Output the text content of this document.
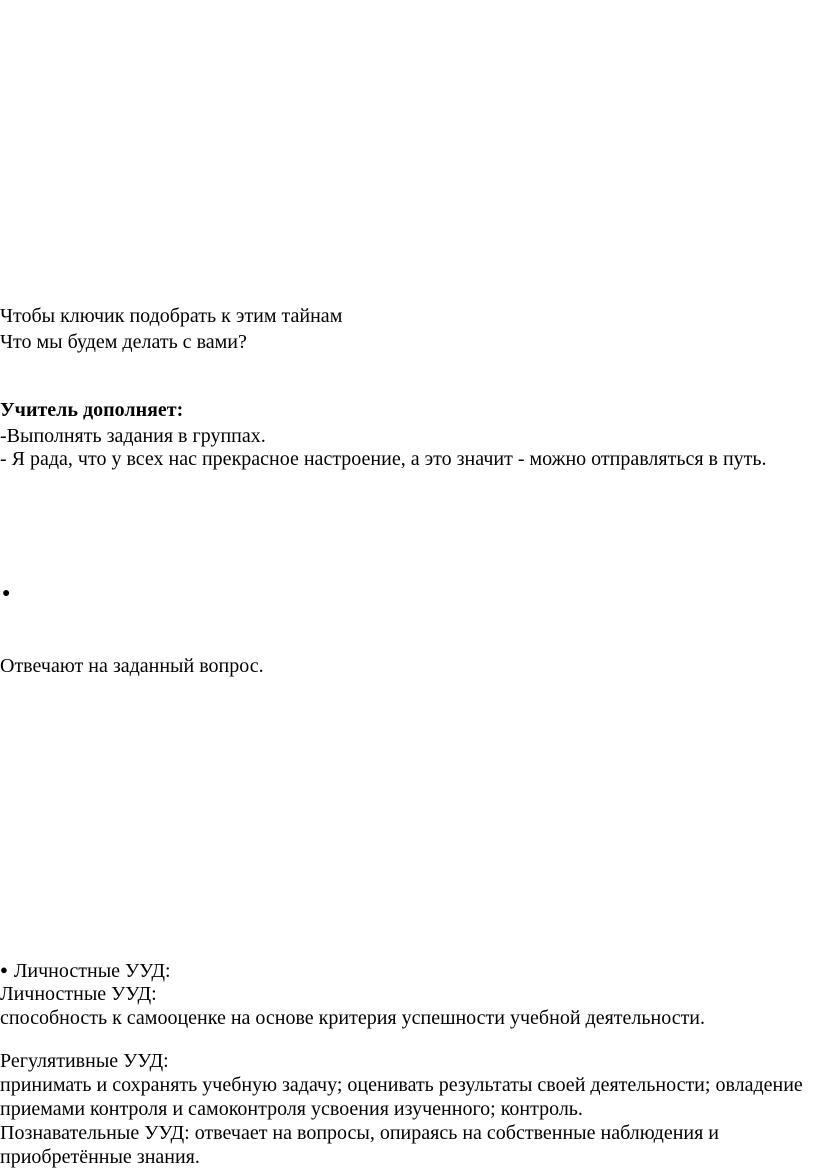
Чтобы ключик подобрать к этим тайнам
Что мы будем делать с вами?
Учитель дополняет:
-Выполнять задания в группах.
- Я рада, что у всех нас прекрасное настроение, а это значит - можно отправляться в путь.
●
Отвечают на заданный вопрос.
● Личностные УУД:
Личностные УУД:
способность к самооценке на основе критерия успешности учебной деятельности.
Регулятивные УУД:
принимать и сохранять учебную задачу; оценивать результаты своей деятельности; овладение
приемами контроля и самоконтроля усвоения изученного; контроль.
Познавательные УУД: отвечает на вопросы, опираясь на собственные наблюдения и
приобретённые знания.
